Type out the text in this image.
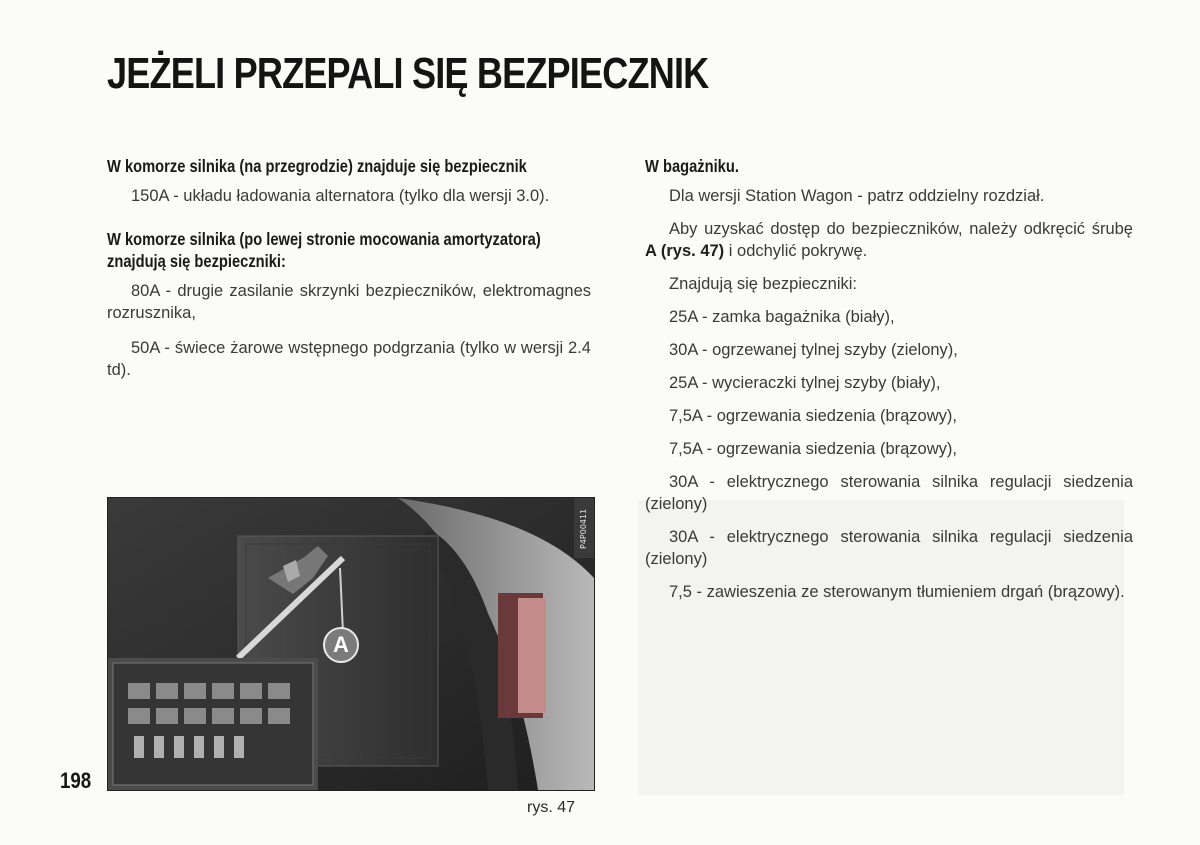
JEŻELI PRZEPALI SIĘ BEZPIECZNIK

W komorze silnika (na przegrodzie) znajduje się bezpiecznik

150A - układu ładowania alternatora (tylko dla wersji 3.0).

W komorze silnika (po lewej stronie mocowania amortyzatora) znajdują się bezpieczniki:

80A - drugie zasilanie skrzynki bezpieczników, elektromagnes rozrusznika,

50A - świece żarowe wstępnego podgrzania (tylko w wersji 2.4 td).

W bagażniku.

Dla wersji Station Wagon - patrz oddzielny rozdział.

Aby uzyskać dostęp do bezpieczników, należy odkręcić śrubę A (rys. 47) i odchylić pokrywę.

Znajdują się bezpieczniki:

25A - zamka bagażnika (biały),

30A - ogrzewanej tylnej szyby (zielony),

25A - wycieraczki tylnej szyby (biały),

7,5A - ogrzewania siedzenia (brązowy),

7,5A - ogrzewania siedzenia (brązowy),

30A - elektrycznego sterowania silnika regulacji siedzenia (zielony)

30A - elektrycznego sterowania silnika regulacji siedzenia (zielony)

7,5 - zawieszenia ze sterowanym tłumieniem drgań (brązowy).

A
P4P00411
198
rys. 47
